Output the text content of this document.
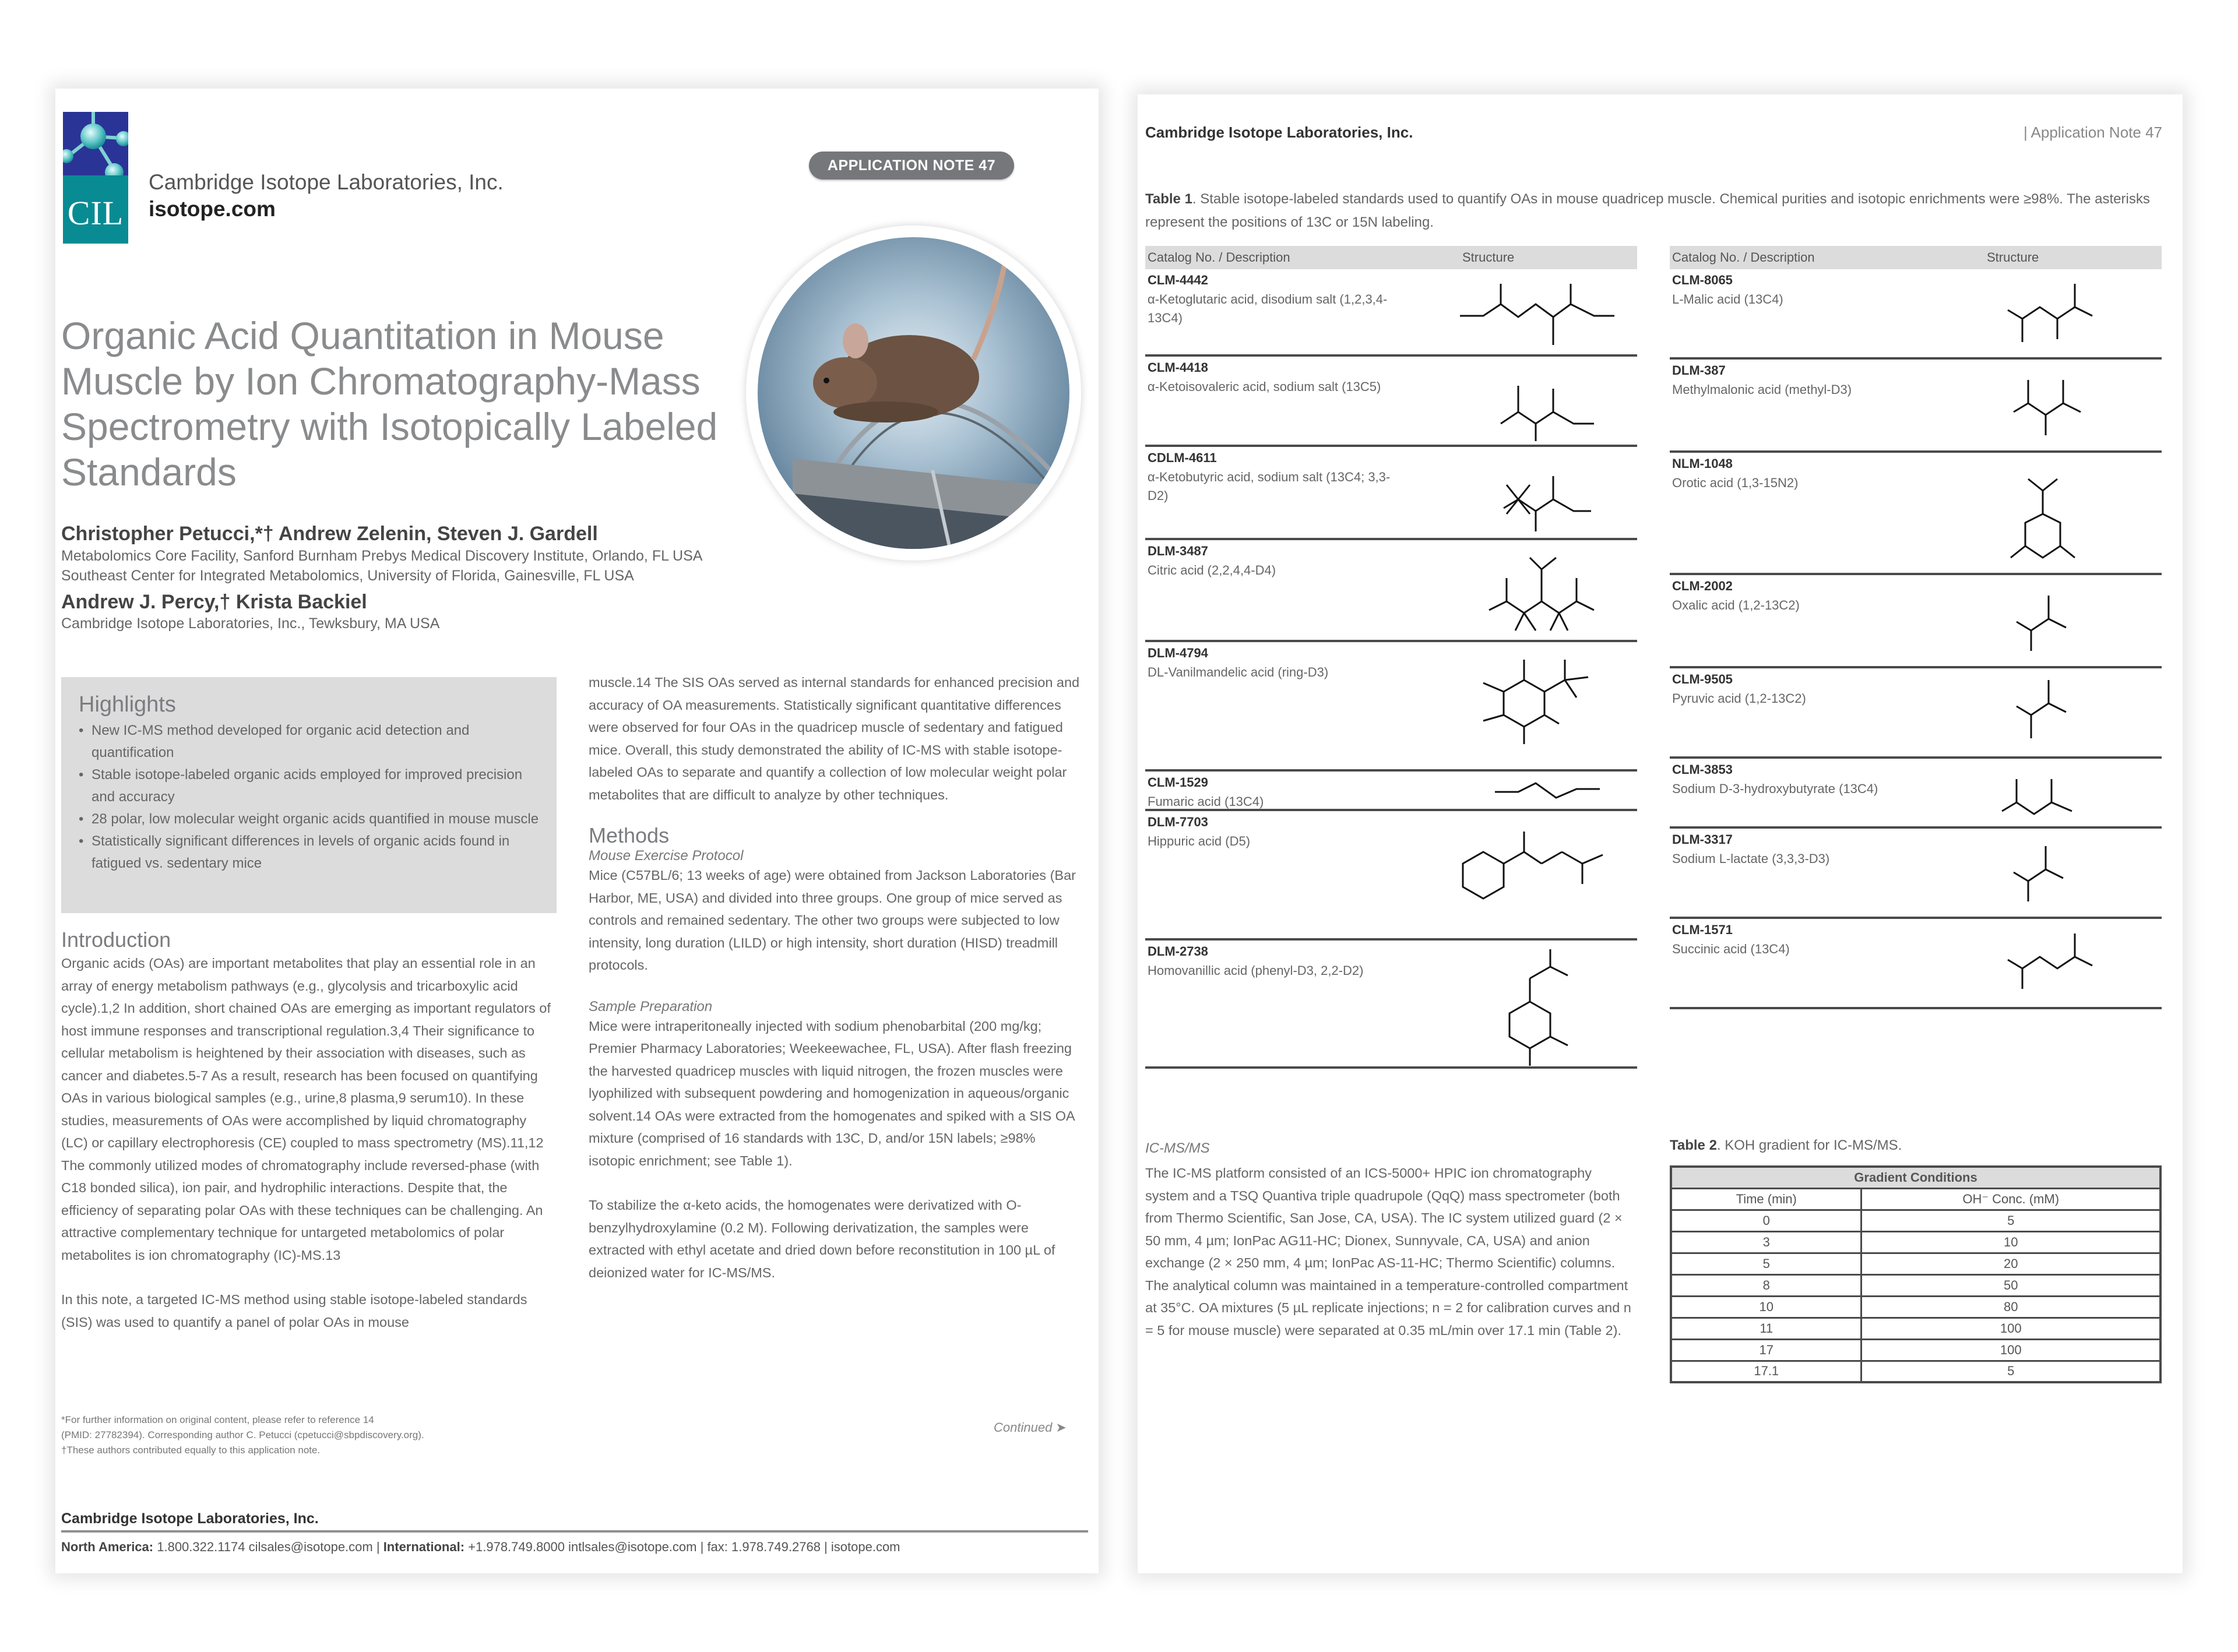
CIL
Cambridge Isotope Laboratories, Inc.
isotope.com
APPLICATION NOTE 47
Organic Acid Quantitation in Mouse Muscle by Ion Chromatography-Mass Spectrometry with Isotopically Labeled Standards
Christopher Petucci,*† Andrew Zelenin, Steven J. Gardell
Metabolomics Core Facility, Sanford Burnham Prebys Medical Discovery Institute, Orlando, FL USA
Southeast Center for Integrated Metabolomics, University of Florida, Gainesville, FL USA
Andrew J. Percy,† Krista Backiel
Cambridge Isotope Laboratories, Inc., Tewksbury, MA USA
Highlights
• New IC-MS method developed for organic acid detection and quantification
• Stable isotope-labeled organic acids employed for improved precision and accuracy
• 28 polar, low molecular weight organic acids quantified in mouse muscle
• Statistically significant differences in levels of organic acids found in fatigued vs. sedentary mice
Introduction

Organic acids (OAs) are important metabolites that play an essential role in an array of energy metabolism pathways (e.g., glycolysis and tricarboxylic acid cycle).1,2 In addition, short chained OAs are emerging as important regulators of host immune responses and transcriptional regulation.3,4 Their significance to cellular metabolism is heightened by their association with diseases, such as cancer and diabetes.5-7 As a result, research has been focused on quantifying OAs in various biological samples (e.g., urine,8 plasma,9 serum10). In these studies, measurements of OAs were accomplished by liquid chromatography (LC) or capillary electrophoresis (CE) coupled to mass spectrometry (MS).11,12 The commonly utilized modes of chromatography include reversed-phase (with C18 bonded silica), ion pair, and hydrophilic interactions. Despite that, the efficiency of separating polar OAs with these techniques can be challenging. An attractive complementary technique for untargeted metabolomics of polar metabolites is ion chromatography (IC)-MS.13

In this note, a targeted IC-MS method using stable isotope-labeled standards (SIS) was used to quantify a panel of polar OAs in mouse

muscle.14 The SIS OAs served as internal standards for enhanced precision and accuracy of OA measurements. Statistically significant quantitative differences were observed for four OAs in the quadricep muscle of sedentary and fatigued mice. Overall, this study demonstrated the ability of IC-MS with stable isotope-labeled OAs to separate and quantify a collection of low molecular weight polar metabolites that are difficult to analyze by other techniques.

Methods
Mouse Exercise Protocol

Mice (C57BL/6; 13 weeks of age) were obtained from Jackson Laboratories (Bar Harbor, ME, USA) and divided into three groups. One group of mice served as controls and remained sedentary. The other two groups were subjected to low intensity, long duration (LILD) or high intensity, short duration (HISD) treadmill protocols.

Sample Preparation

Mice were intraperitoneally injected with sodium phenobarbital (200 mg/kg; Premier Pharmacy Laboratories; Weekeewachee, FL, USA). After flash freezing the harvested quadricep muscles with liquid nitrogen, the frozen muscles were lyophilized with subsequent powdering and homogenization in aqueous/organic solvent.14 OAs were extracted from the homogenates and spiked with a SIS OA mixture (comprised of 16 standards with 13C, D, and/or 15N labels; ≥98% isotopic enrichment; see Table 1).

To stabilize the α-keto acids, the homogenates were derivatized with O-benzylhydroxylamine (0.2 M). Following derivatization, the samples were extracted with ethyl acetate and dried down before reconstitution in 100 µL of deionized water for IC-MS/MS.

*For further information on original content, please refer to reference 14
(PMID: 27782394). Corresponding author C. Petucci (cpetucci@sbpdiscovery.org).
†These authors contributed equally to this application note.
Continued ➤
Cambridge Isotope Laboratories, Inc.
North America: 1.800.322.1174 cilsales@isotope.com | International: +1.978.749.8000 intlsales@isotope.com | fax: 1.978.749.2768 | isotope.com
Cambridge Isotope Laboratories, Inc.	| Application Note 47
Table 1. Stable isotope-labeled standards used to quantify OAs in mouse quadricep muscle. Chemical purities and isotopic enrichments were ≥98%. The asterisks represent the positions of 13C or 15N labeling.
Catalog No. / Description	Structure
CLM-4442
α-Ketoglutaric acid, disodium salt (1,2,3,4-13C4)
CLM-4418
α-Ketoisovaleric acid, sodium salt (13C5)
CDLM-4611
α-Ketobutyric acid, sodium salt (13C4; 3,3-D2)
DLM-3487
Citric acid (2,2,4,4-D4)
DLM-4794
DL-Vanilmandelic acid (ring-D3)
CLM-1529
Fumaric acid (13C4)
DLM-7703
Hippuric acid (D5)
DLM-2738
Homovanillic acid (phenyl-D3, 2,2-D2)
Catalog No. / Description	Structure
CLM-8065
L-Malic acid (13C4)
DLM-387
Methylmalonic acid (methyl-D3)
NLM-1048
Orotic acid (1,3-15N2)
CLM-2002
Oxalic acid (1,2-13C2)
CLM-9505
Pyruvic acid (1,2-13C2)
CLM-3853
Sodium D-3-hydroxybutyrate (13C4)
DLM-3317
Sodium L-lactate (3,3,3-D3)
CLM-1571
Succinic acid (13C4)
IC-MS/MS

The IC-MS platform consisted of an ICS-5000+ HPIC ion chromatography system and a TSQ Quantiva triple quadrupole (QqQ) mass spectrometer (both from Thermo Scientific, San Jose, CA, USA). The IC system utilized guard (2 × 50 mm, 4 µm; IonPac AG11-HC; Dionex, Sunnyvale, CA, USA) and anion exchange (2 × 250 mm, 4 µm; IonPac AS-11-HC; Thermo Scientific) columns. The analytical column was maintained in a temperature-controlled compartment at 35°C. OA mixtures (5 µL replicate injections; n = 2 for calibration curves and n = 5 for mouse muscle) were separated at 0.35 mL/min over 17.1 min (Table 2).

Table 2. KOH gradient for IC-MS/MS.
Gradient Conditions	
Time (min)	OH⁻ Conc. (mM)
0	5
3	10
5	20
8	50
10	80
11	100
17	100
17.1	5
